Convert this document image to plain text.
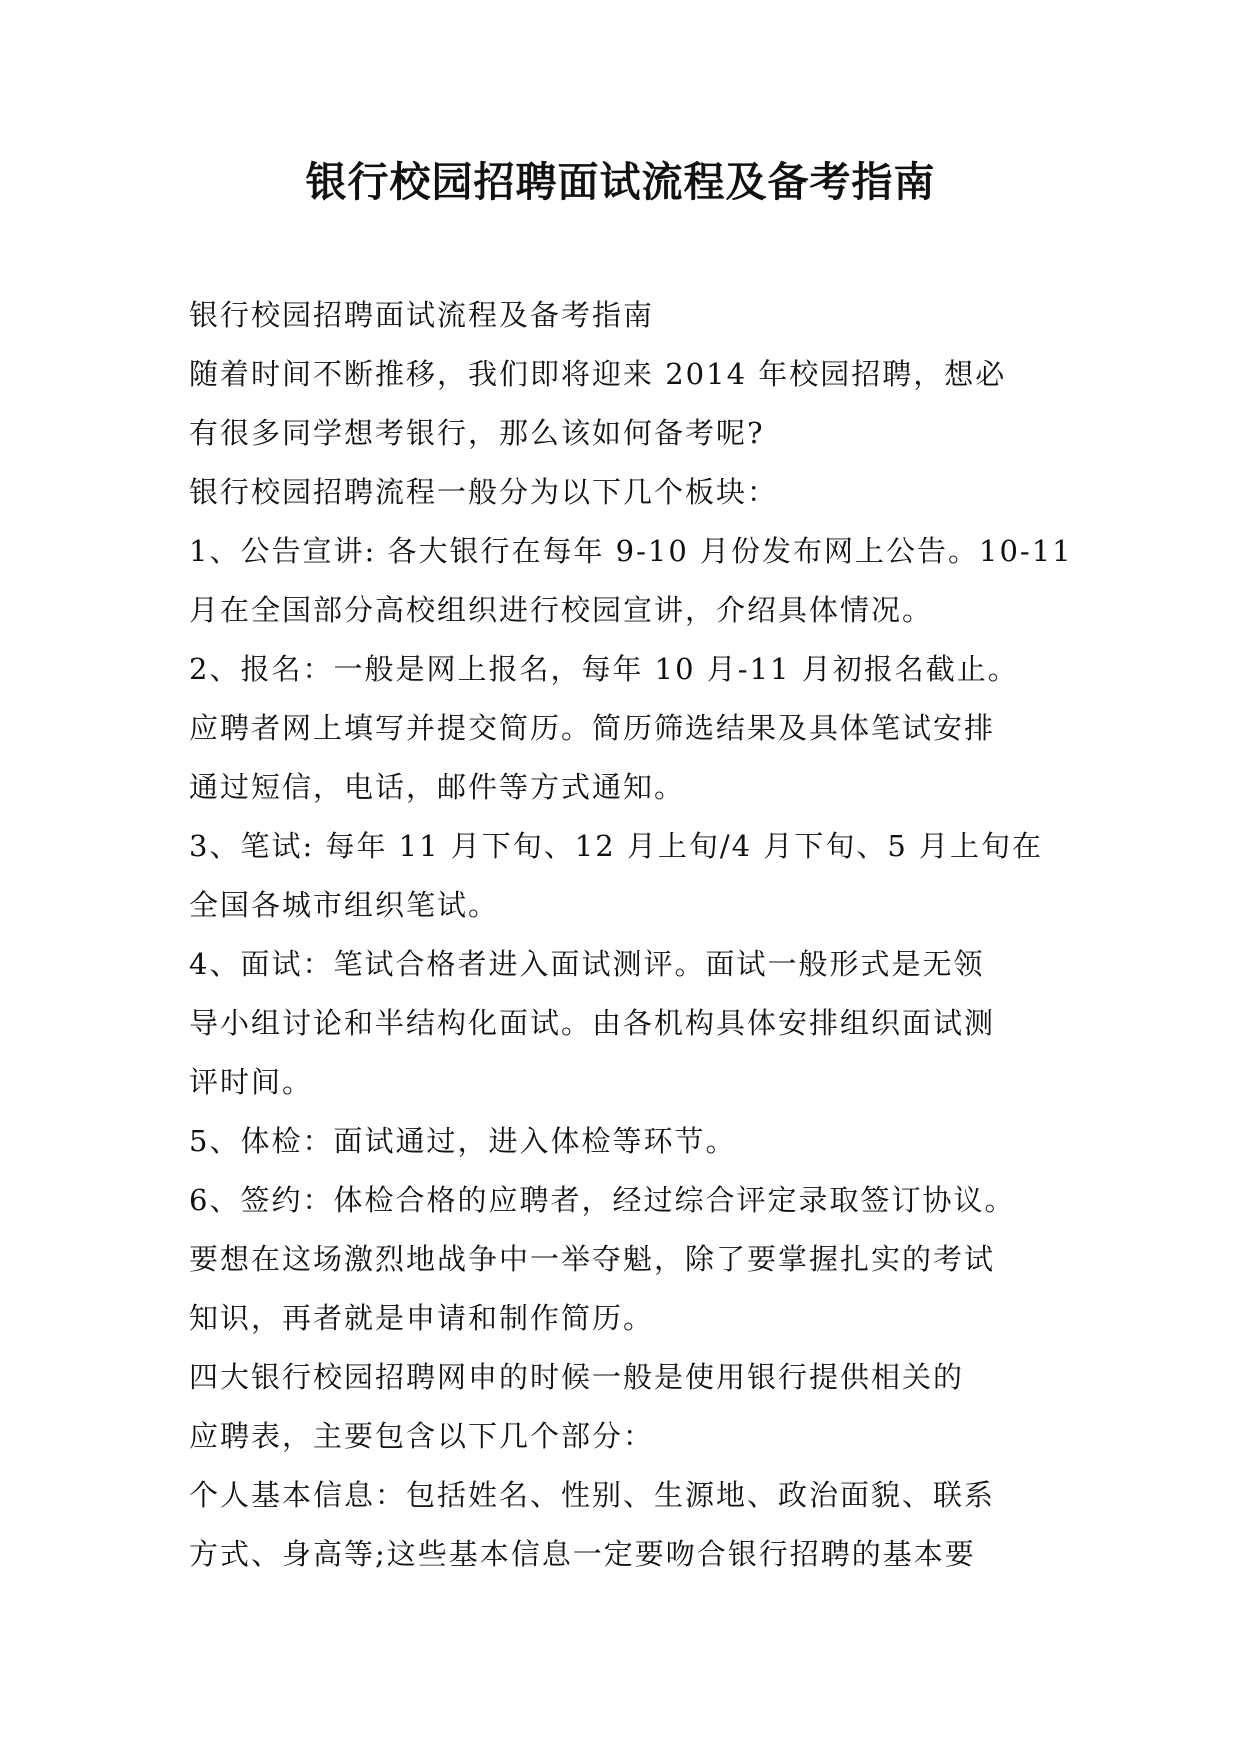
银行校园招聘面试流程及备考指南
银行校园招聘面试流程及备考指南
随着时间不断推移，我们即将迎来 2014 年校园招聘，想必
有很多同学想考银行，那么该如何备考呢?
银行校园招聘流程一般分为以下几个板块：
1、公告宣讲: 各大银行在每年 9-10 月份发布网上公告。10-11
月在全国部分高校组织进行校园宣讲，介绍具体情况。
2、报名：一般是网上报名，每年 10 月-11 月初报名截止。
应聘者网上填写并提交简历。简历筛选结果及具体笔试安排
通过短信，电话，邮件等方式通知。
3、笔试: 每年 11 月下旬、12 月上旬/4 月下旬、5 月上旬在
全国各城市组织笔试。
4、面试：笔试合格者进入面试测评。面试一般形式是无领
导小组讨论和半结构化面试。由各机构具体安排组织面试测
评时间。
5、体检：面试通过，进入体检等环节。
6、签约：体检合格的应聘者，经过综合评定录取签订协议。
要想在这场激烈地战争中一举夺魁，除了要掌握扎实的考试
知识，再者就是申请和制作简历。
四大银行校园招聘网申的时候一般是使用银行提供相关的
应聘表，主要包含以下几个部分：
个人基本信息：包括姓名、性别、生源地、政治面貌、联系
方式、身高等;这些基本信息一定要吻合银行招聘的基本要
